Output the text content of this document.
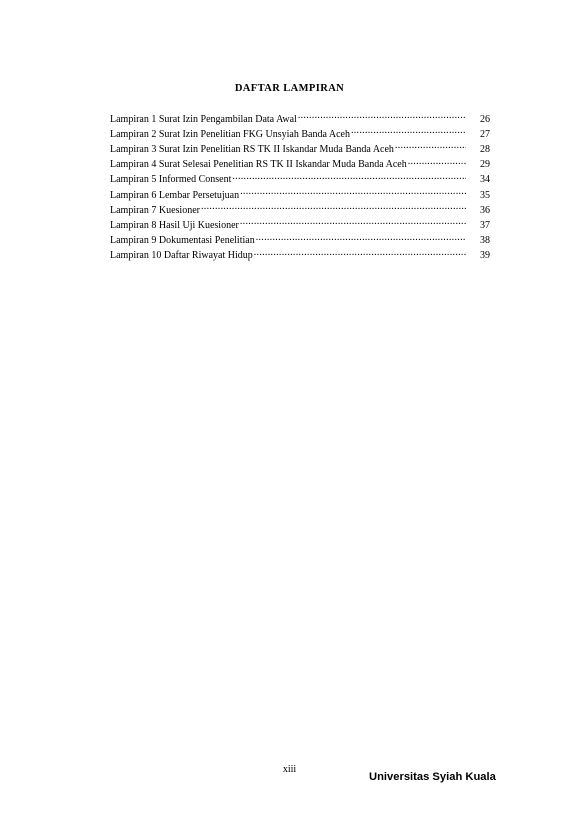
DAFTAR LAMPIRAN
Lampiran 1 Surat Izin Pengambilan Data Awal .....	26
Lampiran 2 Surat Izin Penelitian FKG Unsyiah Banda Aceh .....	27
Lampiran 3 Surat Izin Penelitian RS TK II Iskandar Muda Banda Aceh .....	28
Lampiran 4 Surat Selesai Penelitian RS TK II Iskandar Muda Banda Aceh .....	29
Lampiran 5 Informed Consent .....	34
Lampiran 6 Lembar Persetujuan .....	35
Lampiran 7 Kuesioner .....	36
Lampiran 8 Hasil Uji Kuesioner .....	37
Lampiran 9 Dokumentasi Penelitian .....	38
Lampiran 10 Daftar Riwayat Hidup .....	39
xiii
Universitas Syiah Kuala
